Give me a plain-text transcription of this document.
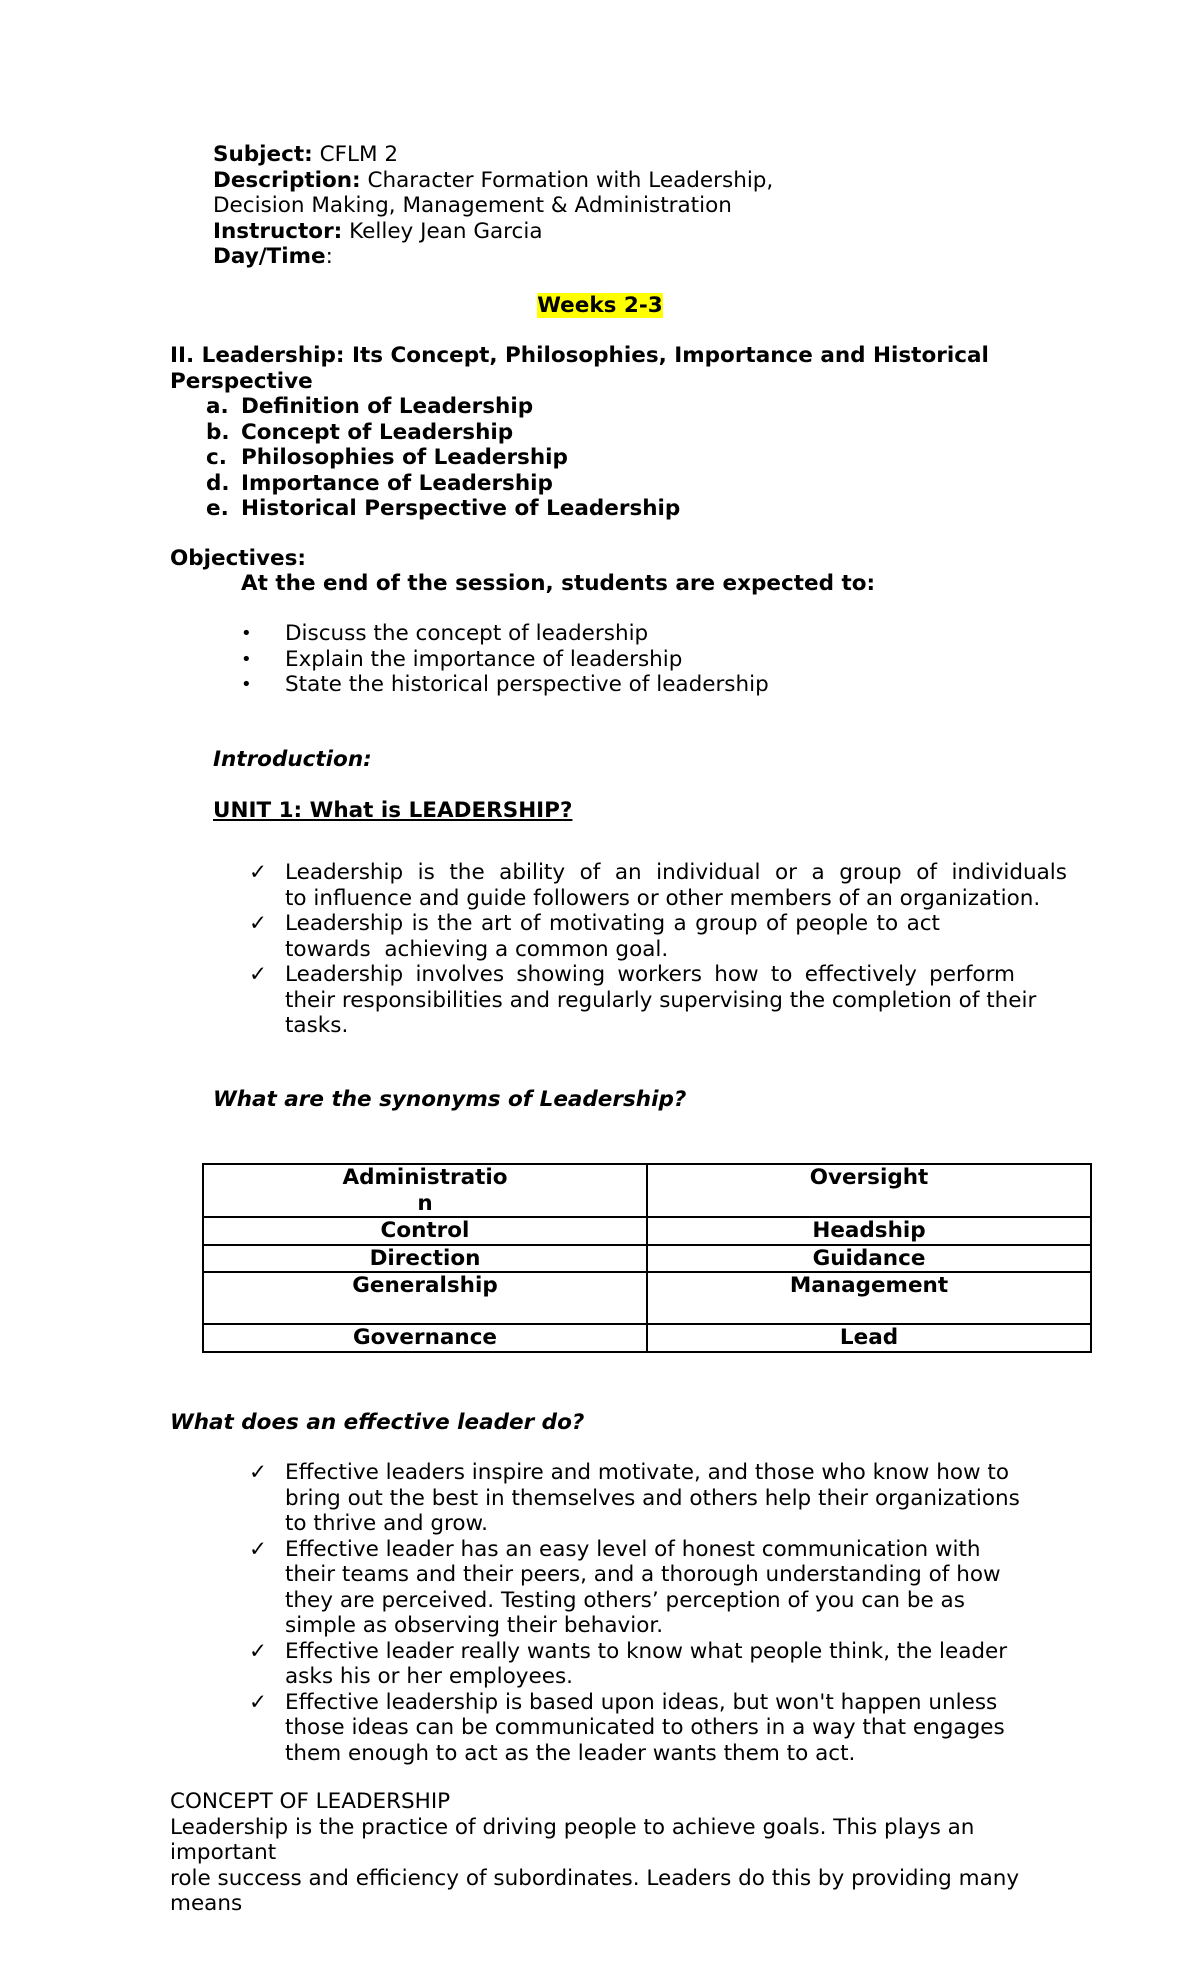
Subject: CFLM 2
Description: Character Formation with Leadership, Decision Making, Management & Administration
Instructor: Kelley Jean Garcia
Day/Time:
Weeks 2-3
II. Leadership: Its Concept, Philosophies, Importance and Historical Perspective
a. Definition of Leadership
b. Concept of Leadership
c. Philosophies of Leadership
d. Importance of Leadership
e. Historical Perspective of Leadership
Objectives:
At the end of the session, students are expected to:
•	Discuss the concept of leadership
•	Explain the importance of leadership
•	State the historical perspective of leadership
Introduction:
UNIT 1: What is LEADERSHIP?
✓ Leadership is the ability of an individual or a group of individuals
to influence and guide followers or other members of an organization.
✓ Leadership is the art of motivating a group of people to act
towards  achieving a common goal.
✓ Leadership involves showing workers how to effectively perform
their responsibilities and regularly supervising the completion of their
tasks.
What are the synonyms of Leadership?
Administration	Oversight
Control	Headship
Direction	Guidance
Generalship	Management
Governance	Lead
What does an effective leader do?
✓ Effective leaders inspire and motivate, and those who know how to
bring out the best in themselves and others help their organizations
to thrive and grow.
✓ Effective leader has an easy level of honest communication with
their teams and their peers, and a thorough understanding of how
they are perceived. Testing others’ perception of you can be as
simple as observing their behavior.
✓ Effective leader really wants to know what people think, the leader
asks his or her employees.
✓ Effective leadership is based upon ideas, but won't happen unless
those ideas can be communicated to others in a way that engages
them enough to act as the leader wants them to act.
CONCEPT OF LEADERSHIP
Leadership is the practice of driving people to achieve goals. This plays an
important
role success and efficiency of subordinates. Leaders do this by providing many
means
